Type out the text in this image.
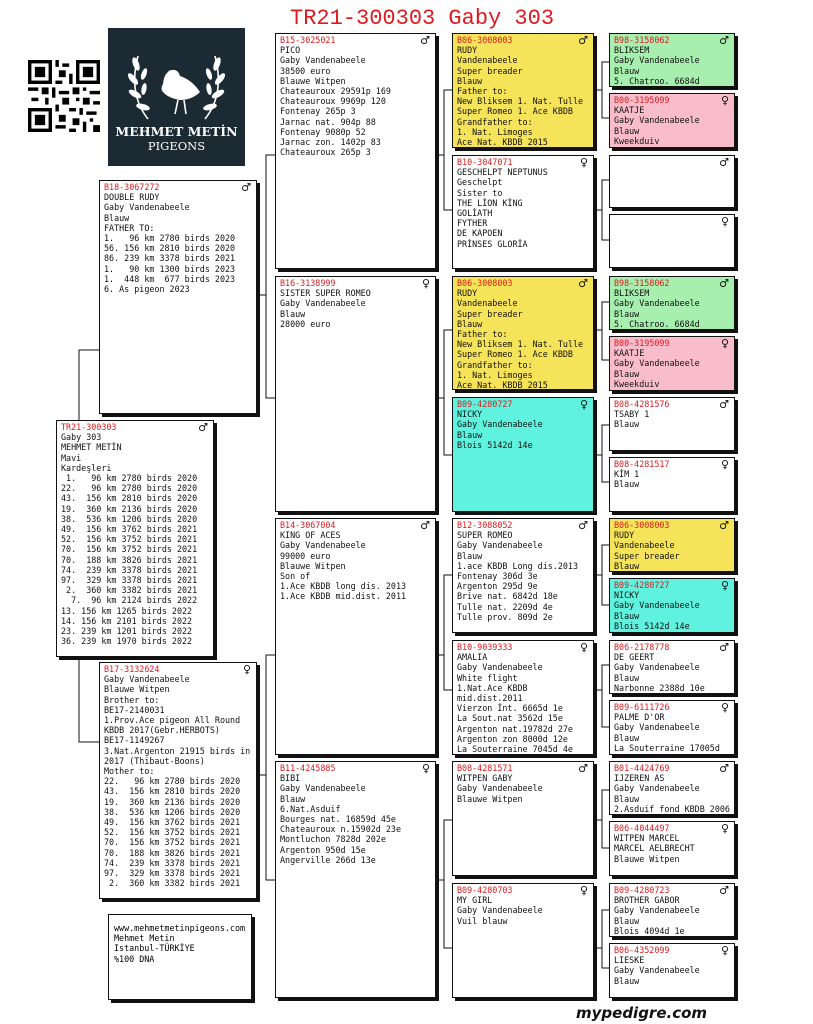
TR21-300303 Gaby 303
MEHMET METİN
PIGEONS
TR21-300303	♂
Gaby 303
MEHMET METİN
Mavi
Kardeşleri
1.   96 km 2780 birds 2020
22.   96 km 2780 birds 2020
43.  156 km 2810 birds 2020
19.  360 km 2136 birds 2020
38.  536 km 1206 birds 2020
49.  156 km 3762 birds 2021
52.  156 km 3752 birds 2021
70.  156 km 3752 birds 2021
70.  188 km 3826 birds 2021
74.  239 km 3378 birds 2021
97.  329 km 3378 birds 2021
2.  360 km 3382 birds 2021
7.  96 km 2124 birds 2022
13. 156 km 1265 birds 2022
14. 156 km 2101 birds 2022
23. 239 km 1201 birds 2022
36. 239 km 1970 birds 2022
B18-3067272	♂
DOUBLE RUDY
Gaby Vandenabeele
Blauw
FATHER TO:
1.   96 km 2780 birds 2020
56. 156 km 2810 birds 2020
86. 239 km 3378 birds 2021
1.   90 km 1300 birds 2023
1.  448 km  677 birds 2023
6. As pigeon 2023
B17-3132624	♀
Gaby Vandenabeele
Blauwe Witpen
Brother to:
BE17-2140031
1.Prov.Ace pigeon All Round
KBDB 2017(Gebr.HERBOTS)
BE17-1149267
3.Nat.Argenton 21915 birds in
2017 (Thibaut-Boons)
Mother to:
22.   96 km 2780 birds 2020
43.  156 km 2810 birds 2020
19.  360 km 2136 birds 2020
38.  536 km 1206 birds 2020
49.  156 km 3762 birds 2021
52.  156 km 3752 birds 2021
70.  156 km 3752 birds 2021
70.  188 km 3826 birds 2021
74.  239 km 3378 birds 2021
97.  329 km 3378 birds 2021
2.  360 km 3382 birds 2021
B15-3025021	♂
PICO
Gaby Vandenabeele
38500 euro
Blauwe Witpen
Chateauroux 29591p 169
Chateauroux 9969p 120
Fontenay 265p 3
Jarnac nat. 904p 88
Fontenay 9080p 52
Jarnac zon. 1402p 83
Chateauroux 265p 3
B16-3138999	♀
SISTER SUPER ROMEO
Gaby Vandenabeele
Blauw
28000 euro
B14-3067004	♂
KING OF ACES
Gaby Vandenabeele
99000 euro
Blauwe Witpen
Son of
1.Ace KBDB long dis. 2013
1.Ace KBDB mid.dist. 2011
B11-4245885	♀
BIBI
Gaby Vandenabeele
Blauw
6.Nat.Asduif
Bourges nat. 16859d 45e
Chateauroux n.15902d 23e
Montluchon 7828d 202e
Argenton 950d 15e
Angerville 266d 13e
B06-3008003	♂
RUDY
Vandenabeele
Super breader
Blauw
Father to:
New Bliksem 1. Nat. Tulle
Super Romeo 1. Ace KBDB
Grandfather to:
1. Nat. Limoges
Ace Nat. KBDB 2015
B10-3047071	♀
GESCHELPT NEPTUNUS
Geschelpt
Sister to
THE LİON KİNG
GOLİATH
FYTHER
DE KAPOEN
PRİNSES GLORİA
B06-3008003	♂
RUDY
Vandenabeele
Super breader
Blauw
Father to:
New Bliksem 1. Nat. Tulle
Super Romeo 1. Ace KBDB
Grandfather to:
1. Nat. Limoges
Ace Nat. KBDB 2015
B09-4280727	♀
NICKY
Gaby Vandenabeele
Blauw
Blois 5142d 14e
B12-3088052	♂
SUPER ROMEO
Gaby Vandenabeele
Blauw
1.ace KBDB Long dis.2013
Fontenay 306d 3e
Argenton 295d 9e
Brive nat. 6842d 18e
Tulle nat. 2209d 4e
Tulle prov. 809d 2e
B10-9039333	♀
AMALIA
Gaby Vandenabeele
White flight
1.Nat.Ace KBDB
mid.dist.2011
Vierzon İnt. 6665d 1e
La Sout.nat 3562d 15e
Argenton nat.19782d 27e
Argenton zon 8000d 12e
La Souterraine 7045d 4e
B08-4281571	♂
WITPEN GABY
Gaby Vandenabeele
Blauwe Witpen
B09-4280703	♀
MY GIRL
Gaby Vandenabeele
Vuil blauw
B98-3158062	♂
BLIKSEM
Gaby Vandenabeele
Blauw
5. Chatroo. 6684d
B00-3195099	♀
KAATJE
Gaby Vandenabeele
Blauw
Kweekduiv
♂
♀
B98-3158062	♂
BLIKSEM
Gaby Vandenabeele
Blauw
5. Chatroo. 6684d
B00-3195099	♀
KAATJE
Gaby Vandenabeele
Blauw
Kweekduiv
B08-4281576	♂
TSABY 1
Blauw
B08-4281517	♀
KİM 1
Blauw
B06-3008003	♂
RUDY
Vandenabeele
Super breader
Blauw
B09-4280727	♀
NICKY
Gaby Vandenabeele
Blauw
Blois 5142d 14e
B06-2178778	♂
DE GEERT
Gaby Vandenabeele
Blauw
Narbonne 2388d 10e
B09-6111726	♀
PALME D'OR
Gaby Vandenabeele
Blauw
La Souterraine 17005d
B01-4424769	♂
IJZEREN AS
Gaby Vandenabeele
Blauw
2.Asduif fond KBDB 2006
B06-4044497	♀
WITPEN MARCEL
MARCEL AELBRECHT
Blauwe Witpen
B09-4280723	♂
BROTHER GABOR
Gaby Vandenabeele
Blauw
Blois 4094d 1e
B06-4352099	♀
LIESKE
Gaby Vandenabeele
Blauw
www.mehmetmetinpigeons.com
Mehmet Metin
Istanbul-TÜRKİYE
%100 DNA
mypedigre.com
